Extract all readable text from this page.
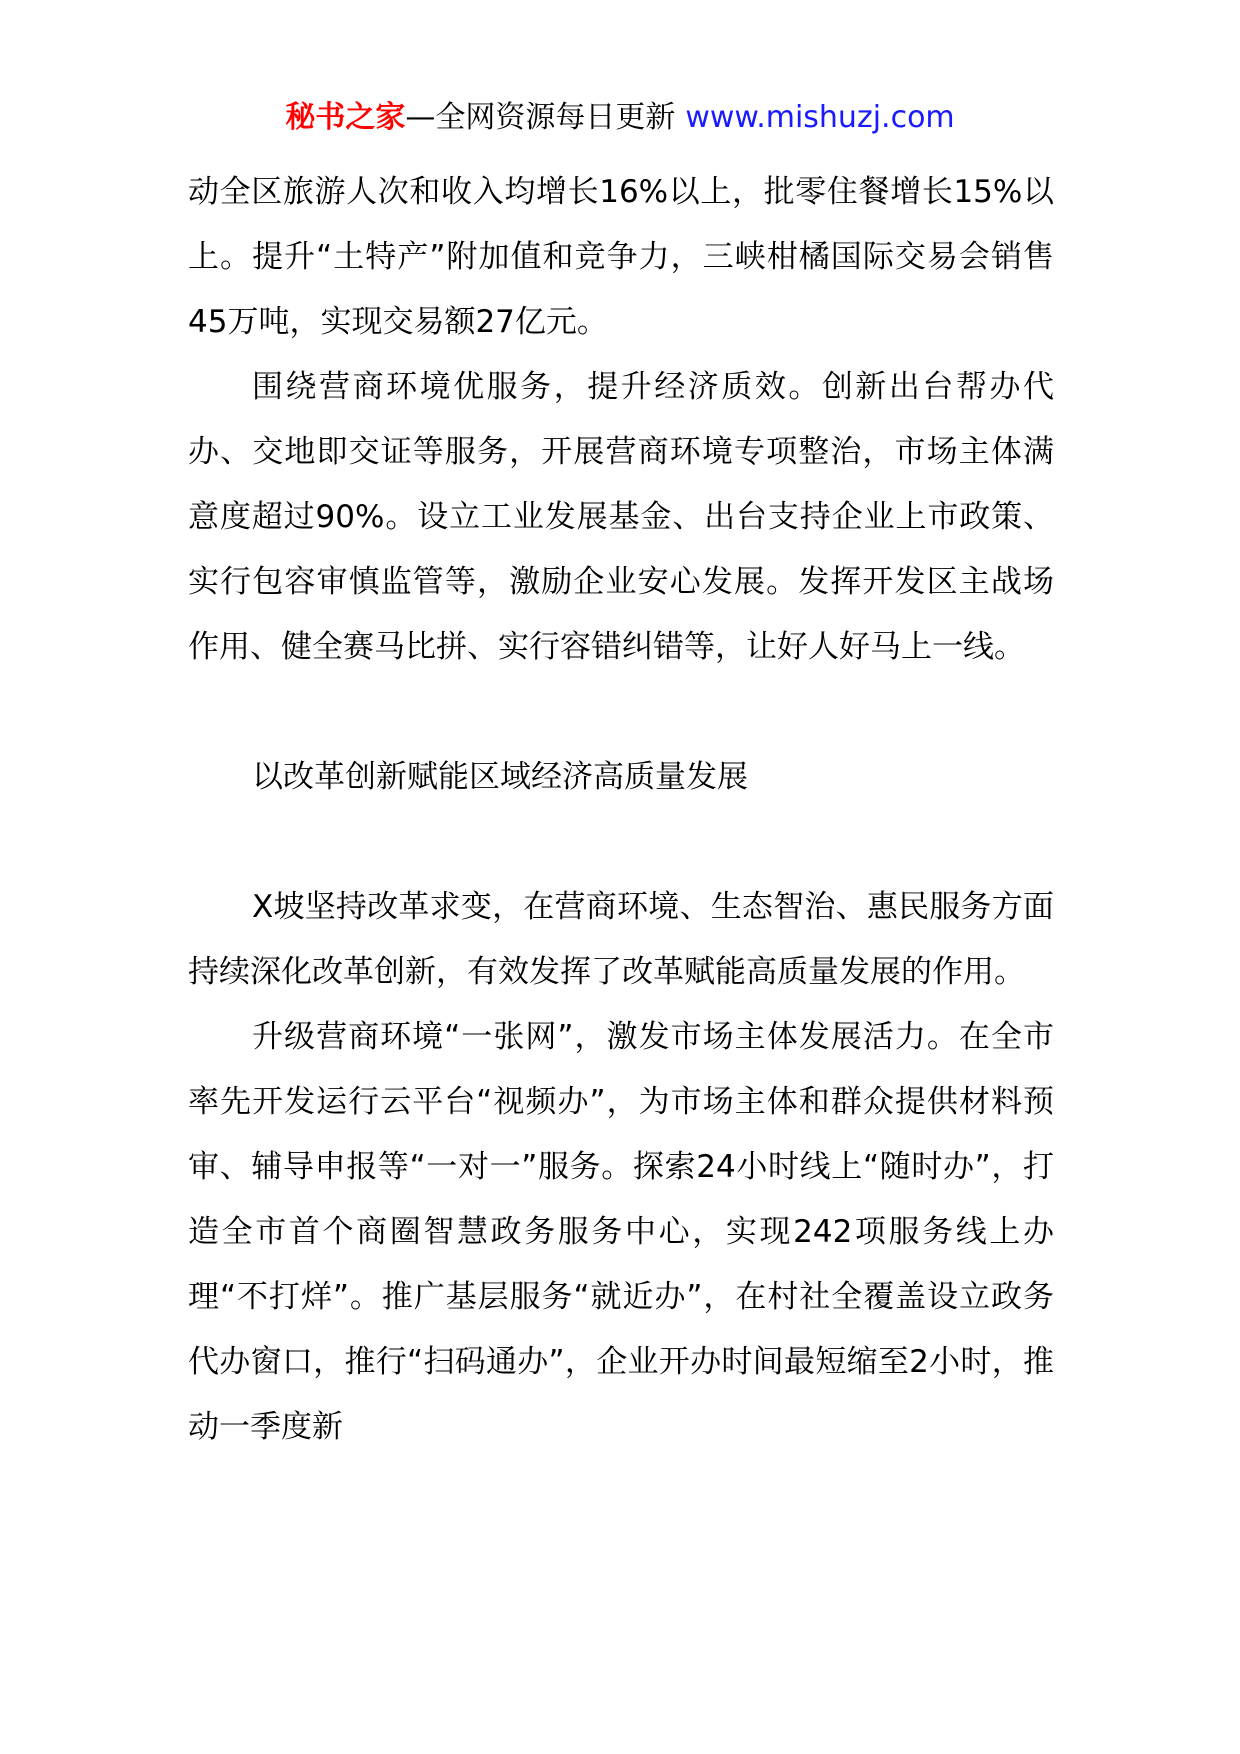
秘书之家—全网资源每日更新 www.mishuzj.com

动全区旅游人次和收入均增长16%以上，批零住餐增长15%以上。提升“土特产”附加值和竞争力，三峡柑橘国际交易会销售45万吨，实现交易额27亿元。

围绕营商环境优服务，提升经济质效。创新出台帮办代办、交地即交证等服务，开展营商环境专项整治，市场主体满意度超过90%。设立工业发展基金、出台支持企业上市政策、实行包容审慎监管等，激励企业安心发展。发挥开发区主战场作用、健全赛马比拼、实行容错纠错等，让好人好马上一线。

以改革创新赋能区域经济高质量发展

X坡坚持改革求变，在营商环境、生态智治、惠民服务方面持续深化改革创新，有效发挥了改革赋能高质量发展的作用。

升级营商环境“一张网”，激发市场主体发展活力。在全市率先开发运行云平台“视频办”，为市场主体和群众提供材料预审、辅导申报等“一对一”服务。探索24小时线上“随时办”，打造全市首个商圈智慧政务服务中心，实现242项服务线上办理“不打烊”。推广基层服务“就近办”，在村社全覆盖设立政务代办窗口，推行“扫码通办”，企业开办时间最短缩至2小时，推动一季度新
